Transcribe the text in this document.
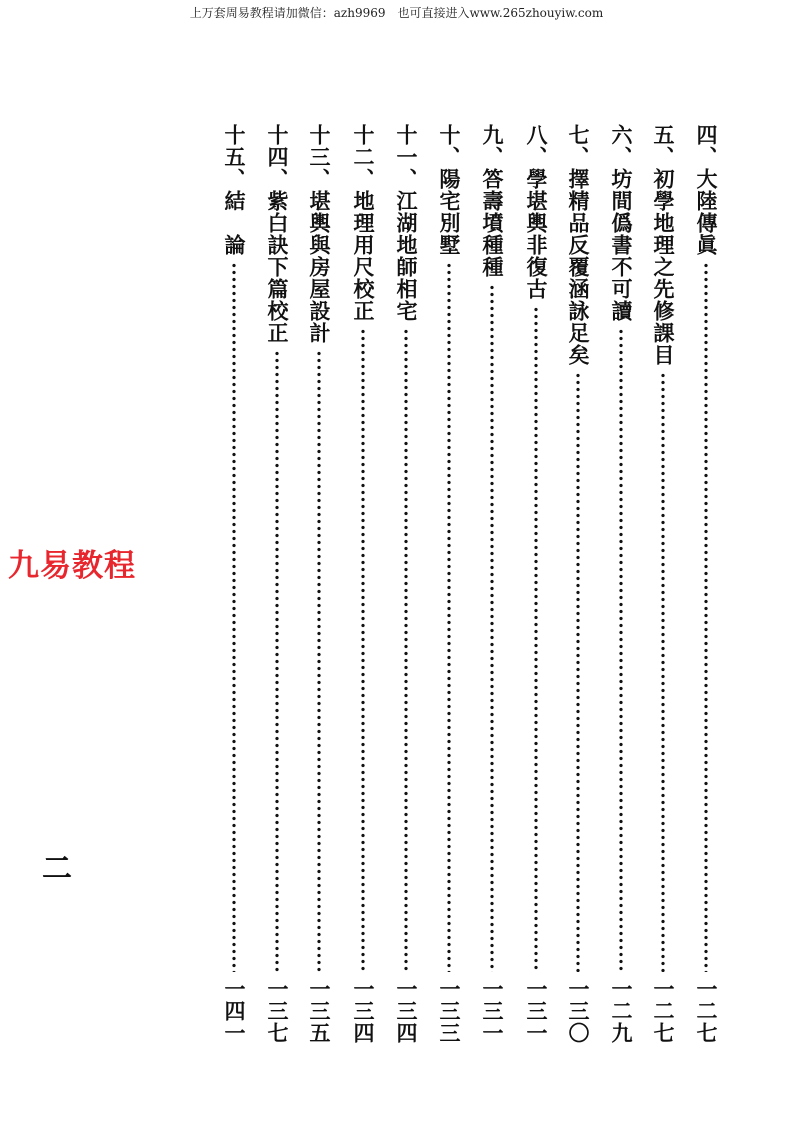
上万套周易教程请加微信：azh9969　也可直接进入www.265zhouyiw.com
四、大陸傳眞
一二七
五、初學地理之先修課目
一二七
六、坊間僞書不可讀
一二九
七、擇精品反覆涵詠足矣
一三〇
八、學堪輿非復古
一三一
九、答壽墳種種
一三一
十、陽宅別墅
一三三
十一、江湖地師相宅
一三四
十二、地理用尺校正
一三四
十三、堪輿與房屋設計
一三五
十四、紫白訣下篇校正
一三七
十五、結　論
一四一
九易教程
二
